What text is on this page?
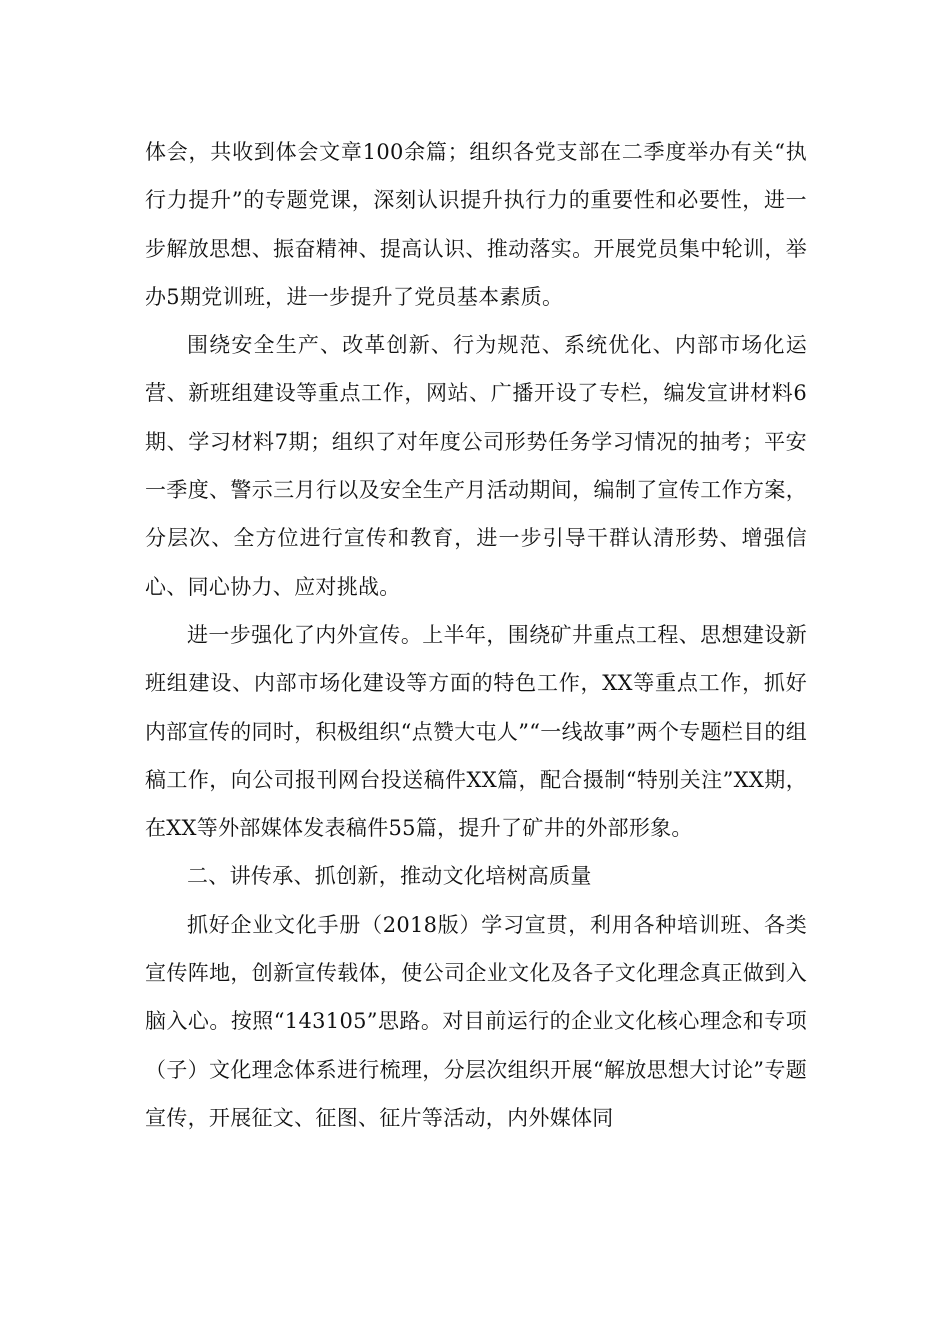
体会，共收到体会文章100余篇；组织各党支部在二季度举办有关“执行力提升”的专题党课，深刻认识提升执行力的重要性和必要性，进一步解放思想、振奋精神、提高认识、推动落实。开展党员集中轮训，举办5期党训班，进一步提升了党员基本素质。

围绕安全生产、改革创新、行为规范、系统优化、内部市场化运营、新班组建设等重点工作，网站、广播开设了专栏，编发宣讲材料6期、学习材料7期；组织了对年度公司形势任务学习情况的抽考；平安一季度、警示三月行以及安全生产月活动期间，编制了宣传工作方案，分层次、全方位进行宣传和教育，进一步引导干群认清形势、增强信心、同心协力、应对挑战。

进一步强化了内外宣传。上半年，围绕矿井重点工程、思想建设新班组建设、内部市场化建设等方面的特色工作，XX等重点工作，抓好内部宣传的同时，积极组织“点赞大屯人”“一线故事”两个专题栏目的组稿工作，向公司报刊网台投送稿件XX篇，配合摄制“特别关注”XX期，在XX等外部媒体发表稿件55篇，提升了矿井的外部形象。

二、讲传承、抓创新，推动文化培树高质量

抓好企业文化手册（2018版）学习宣贯，利用各种培训班、各类宣传阵地，创新宣传载体，使公司企业文化及各子文化理念真正做到入脑入心。按照“143105”思路。对目前运行的企业文化核心理念和专项（子）文化理念体系进行梳理，分层次组织开展“解放思想大讨论”专题宣传，开展征文、征图、征片等活动，内外媒体同
